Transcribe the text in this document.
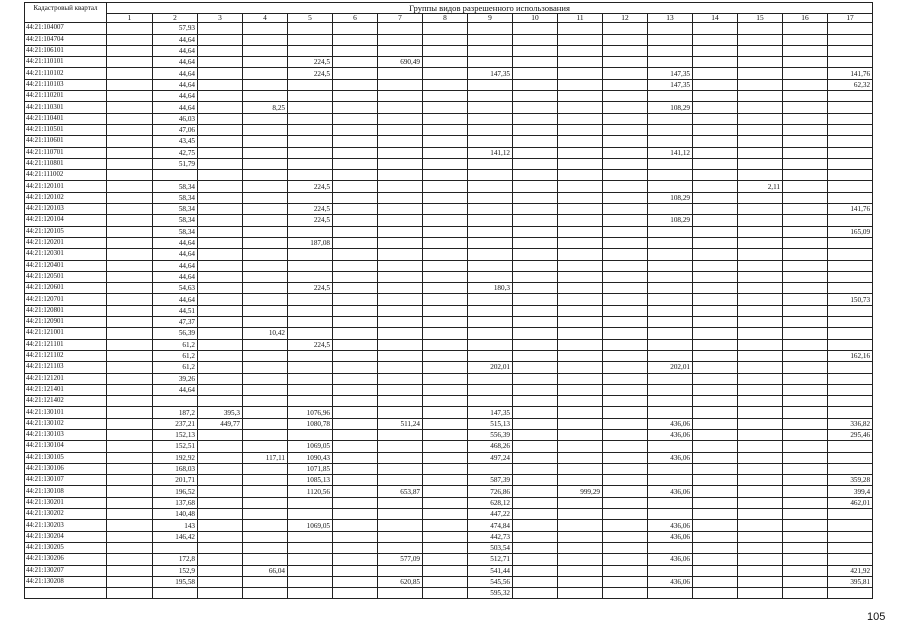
Кадастровый квартал	Группы видов разрешенного использования																
	1	2	3	4	5	6	7	8	9	10	11	12	13	14	15	16	17
44:21:104007		57,93															
44:21:104704		44,64															
44:21:106101		44,64															
44:21:110101		44,64			224,5		690,49										
44:21:110102		44,64			224,5				147,35				147,35				141,76
44:21:110103		44,64											147,35				62,32
44:21:110201		44,64															
44:21:110301		44,64		8,25									108,29				
44:21:110401		46,03															
44:21:110501		47,06															
44:21:110601		43,45															
44:21:110701		42,75							141,12				141,12				
44:21:110801		51,79															
44:21:111002																	
44:21:120101		58,34			224,5										2,11		
44:21:120102		58,34											108,29				
44:21:120103		58,34			224,5												141,76
44:21:120104		58,34			224,5								108,29				
44:21:120105		58,34															165,09
44:21:120201		44,64			187,08												
44:21:120301		44,64															
44:21:120401		44,64															
44:21:120501		44,64															
44:21:120601		54,63			224,5				180,3								
44:21:120701		44,64															150,73
44:21:120801		44,51															
44:21:120901		47,37															
44:21:121001		56,39		10,42													
44:21:121101		61,2			224,5												
44:21:121102		61,2															162,16
44:21:121103		61,2							202,01				202,01				
44:21:121201		39,26															
44:21:121401		44,64															
44:21:121402																	
44:21:130101		187,2	395,3		1076,96				147,35								
44:21:130102		237,21	449,77		1080,78		511,24		515,13				436,06				336,82
44:21:130103		152,13							556,39				436,06				295,46
44:21:130104		152,51			1069,05				468,26								
44:21:130105		192,92		117,11	1090,43				497,24				436,06				
44:21:130106		168,03			1071,85												
44:21:130107		201,71			1085,13				587,39								359,28
44:21:130108		196,52			1120,56		653,87		726,86		999,29		436,06				399,4
44:21:130201		137,68							628,12								462,01
44:21:130202		140,48							447,22								
44:21:130203		143			1069,05				474,84				436,06				
44:21:130204		146,42							442,73				436,06				
44:21:130205									503,54								
44:21:130206		172,8					577,09		512,71				436,06				
44:21:130207		152,9		66,04					541,44								421,92
44:21:130208		195,58					620,85		545,56				436,06				395,81
									595,32								
105
